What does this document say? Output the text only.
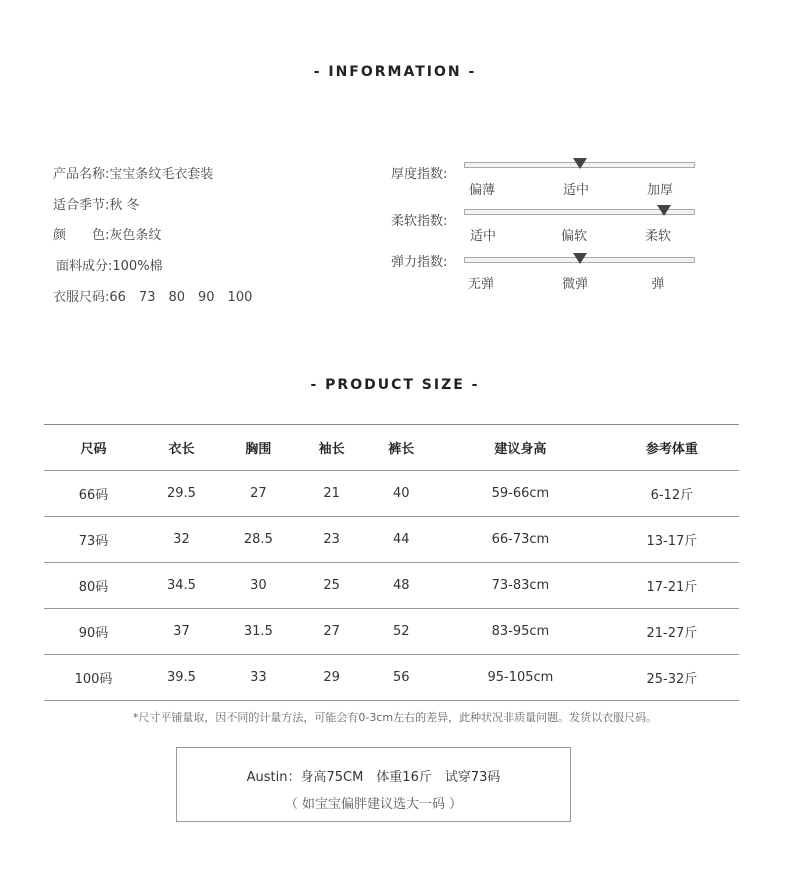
- INFORMATION -
产品名称:宝宝条纹毛衣套装
适合季节:秋 冬
颜　　色:灰色条纹
面料成分:100%棉
衣服尺码:66　73　80　90　100
厚度指数:
偏薄	适中	加厚
柔软指数:
适中	偏软	柔软
弹力指数:
无弹	微弹	弹
- PRODUCT SIZE -
尺码	衣长	胸围	袖长	裤长	建议身高	参考体重
66码	29.5	27	21	40	59-66cm	6-12斤
73码	32	28.5	23	44	66-73cm	13-17斤
80码	34.5	30	25	48	73-83cm	17-21斤
90码	37	31.5	27	52	83-95cm	21-27斤
100码	39.5	33	29	56	95-105cm	25-32斤
*尺寸平铺量取，因不同的计量方法，可能会有0-3cm左右的差异，此种状况非质量问题。发货以衣服尺码。
Austin：身高75CM　体重16斤　试穿73码
（ 如宝宝偏胖建议选大一码 ）
